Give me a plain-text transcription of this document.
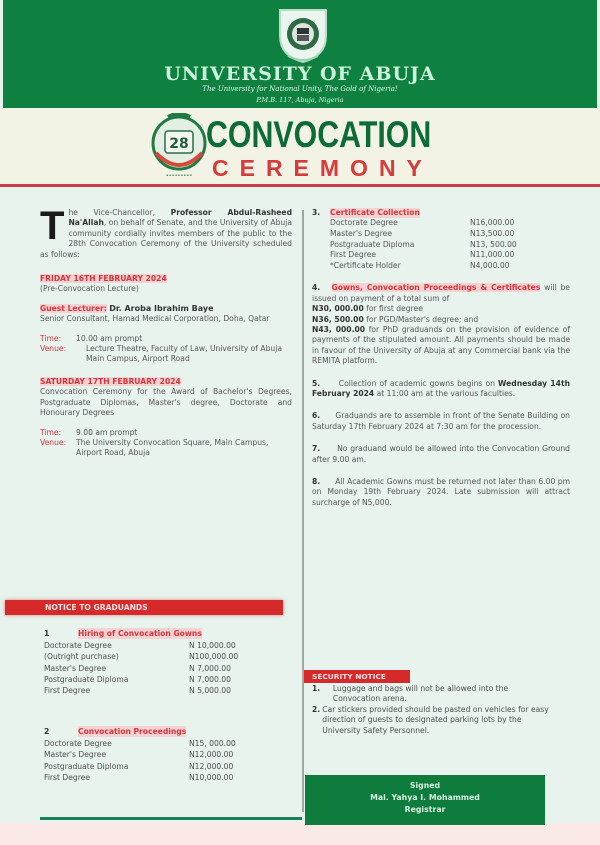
UNIVERSITY OF ABUJA
The University for National Unity, The Gold of Nigeria!
P.M.B. 117, Abuja, Nigeria
28
•••••••••
CONVOCATION
CEREMONY
The Vice-Chancellor, Professor Abdul-Rasheed Na'Allah, on behalf of Senate, and the University of Abuja community cordially invites members of the public to the 28th Convocation Ceremony of the University scheduled as follows:
FRIDAY 16TH FEBRUARY 2024
(Pre-Convocation Lecture)
Guest Lecturer: Dr. Aroba Ibrahim Baye
Senior Consultant, Hamad Medical Corporation, Doha, Qatar
Time:	10.00 am prompt
Venue:	Lecture Theatre, Faculty of Law, University of Abuja Main Campus, Airport Road
SATURDAY 17TH FEBRUARY 2024
Convocation Ceremony for the Award of Bachelor's Degrees, Postgraduate Diplomas, Master's degree, Doctorate and Honourary Degrees
Time:	9.00 am prompt
Venue:	The University Convocation Square, Main Campus, Airport Road, Abuja
NOTICE TO GRADUANDS
1	Hiring of Convocation Gowns
Doctorate Degree	N 10,000.00
(Outright purchase)	N100,000.00
Master's Degree	N 7,000.00
Postgraduate Diploma	N 7,000.00
First Degree	N 5,000.00
2	Convocation Proceedings
Doctorate Degree	N15, 000.00
Master's Degree	N12,000.00
Postgraduate Diploma	N12,000.00
First Degree	N10,000.00
3.	Certificate Collection
Doctorate Degree	N16,000.00
Master's Degree	N13,500.00
Postgraduate Diploma	N13, 500.00
First Degree	N11,000.00
*Certificate Holder	N4,000.00
4. Gowns, Convocation Proceedings & Certificates will be issued on payment of a total sum of
N30, 000.00 for first degree
N36, 500.00 for PGD/Master's degree; and
N43, 000.00 for PhD graduands on the provision of evidence of payments of the stipulated amount. All payments should be made in favour of the University of Abuja at any Commercial bank via the REMITA platform.
5. Collection of academic gowns begins on Wednesday 14th February 2024 at 11:00 am at the various faculties.
6. Graduands are to assemble in front of the Senate Building on Saturday 17th February 2024 at 7:30 am for the procession.
7. No graduand would be allowed into the Convocation Ground after 9.00 am.
8. All Academic Gowns must be returned not later than 6.00 pm on Monday 19th February 2024. Late submission will attract surcharge of N5,000.
SECURITY NOTICE
1.	Luggage and bags will not be allowed into the Convocation arena.
2. Car stickers provided should be pasted on vehicles for easy direction of guests to designated parking lots by the University Safety Personnel.
Signed
Mal. Yahya I. Mohammed
Registrar
